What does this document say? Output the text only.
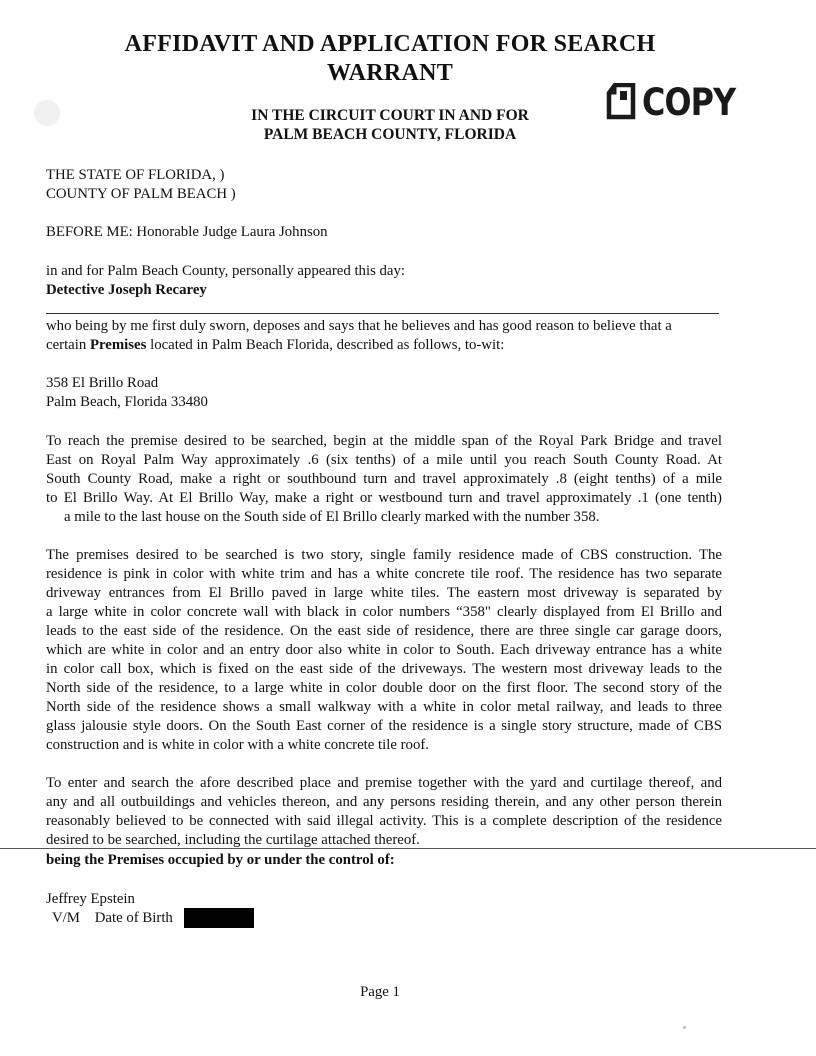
AFFIDAVIT AND APPLICATION FOR SEARCH
WARRANT
IN THE CIRCUIT COURT IN AND FOR
PALM BEACH COUNTY, FLORIDA
COPY
THE STATE OF FLORIDA, )
COUNTY OF PALM BEACH )
BEFORE ME: Honorable Judge Laura Johnson
in and for Palm Beach County, personally appeared this day:
Detective Joseph Recarey
who being by me first duly sworn, deposes and says that he believes and has good reason to believe that a
certain Premises located in Palm Beach Florida, described as follows, to-wit:
358 El Brillo Road
Palm Beach, Florida 33480
To reach the premise desired to be searched, begin at the middle span of the Royal Park Bridge and travel
East on Royal Palm Way approximately .6 (six tenths) of a mile until you reach South County Road. At
South County Road, make a right or southbound turn and travel approximately .8 (eight tenths) of a mile
to El Brillo Way. At El Brillo Way, make a right or westbound turn and travel approximately .1 (one tenth)
a mile to the last house on the South side of El Brillo clearly marked with the number 358.
The premises desired to be searched is two story, single family residence made of CBS construction. The
residence is pink in color with white trim and has a white concrete tile roof. The residence has two separate
driveway entrances from El Brillo paved in large white tiles. The eastern most driveway is separated by
a large white in color concrete wall with black in color numbers “358" clearly displayed from El Brillo and
leads to the east side of the residence. On the east side of residence, there are three single car garage doors,
which are white in color and an entry door also white in color to South. Each driveway entrance has a white
in color call box, which is fixed on the east side of the driveways. The western most driveway leads to the
North side of the residence, to a large white in color double door on the first floor. The second story of the
North side of the residence shows a small walkway with a white in color metal railway, and leads to three
glass jalousie style doors. On the South East corner of the residence is a single story structure, made of CBS
construction and is white in color with a white concrete tile roof.
To enter and search the afore described place and premise together with the yard and curtilage thereof, and
any and all outbuildings and vehicles thereon, and any persons residing therein, and any other person therein
reasonably believed to be connected with said illegal activity. This is a complete description of the residence
desired to be searched, including the curtilage attached thereof.
being the Premises occupied by or under the control of:
Jeffrey Epstein
V/M    Date of Birth
Page 1
